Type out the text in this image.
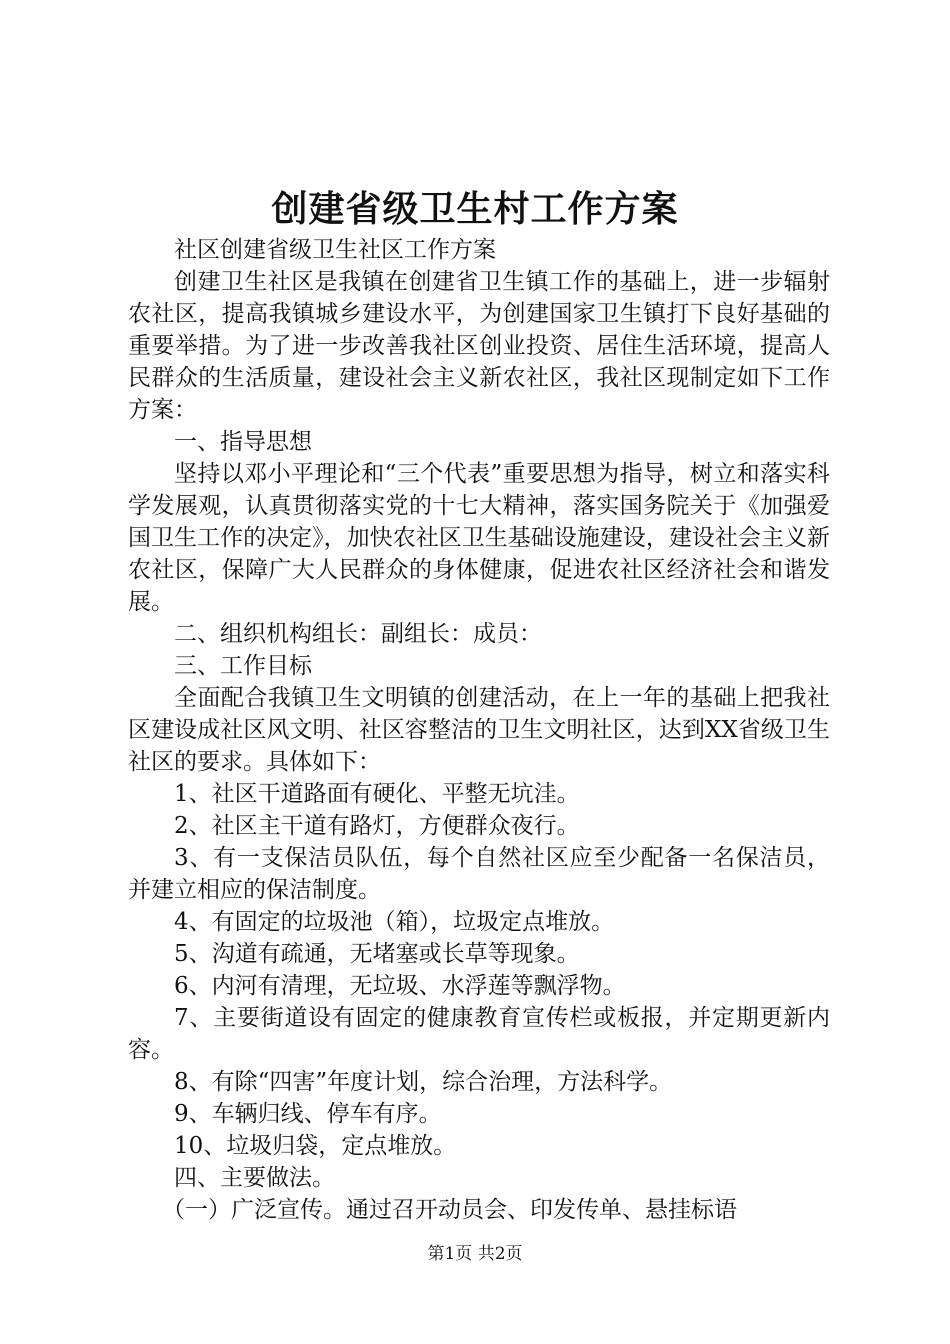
创建省级卫生村工作方案

社区创建省级卫生社区工作方案

创建卫生社区是我镇在创建省卫生镇工作的基础上，进一步辐射农社区，提高我镇城乡建设水平，为创建国家卫生镇打下良好基础的重要举措。为了进一步改善我社区创业投资、居住生活环境，提高人民群众的生活质量，建设社会主义新农社区，我社区现制定如下工作方案：

一、指导思想

坚持以邓小平理论和“三个代表”重要思想为指导，树立和落实科学发展观，认真贯彻落实党的十七大精神，落实国务院关于《加强爱国卫生工作的决定》，加快农社区卫生基础设施建设，建设社会主义新农社区，保障广大人民群众的身体健康，促进农社区经济社会和谐发展。

二、组织机构组长：副组长：成员：

三、工作目标

全面配合我镇卫生文明镇的创建活动，在上一年的基础上把我社区建设成社区风文明、社区容整洁的卫生文明社区，达到XX省级卫生社区的要求。具体如下：

1、社区干道路面有硬化、平整无坑洼。

2、社区主干道有路灯，方便群众夜行。

3、有一支保洁员队伍，每个自然社区应至少配备一名保洁员，并建立相应的保洁制度。

4、有固定的垃圾池（箱），垃圾定点堆放。

5、沟道有疏通，无堵塞或长草等现象。

6、内河有清理，无垃圾、水浮莲等飘浮物。

7、主要街道设有固定的健康教育宣传栏或板报，并定期更新内容。

8、有除“四害”年度计划，综合治理，方法科学。

9、车辆归线、停车有序。

10、垃圾归袋，定点堆放。

四、主要做法。

（一）广泛宣传。通过召开动员会、印发传单、悬挂标语

第1页 共2页
